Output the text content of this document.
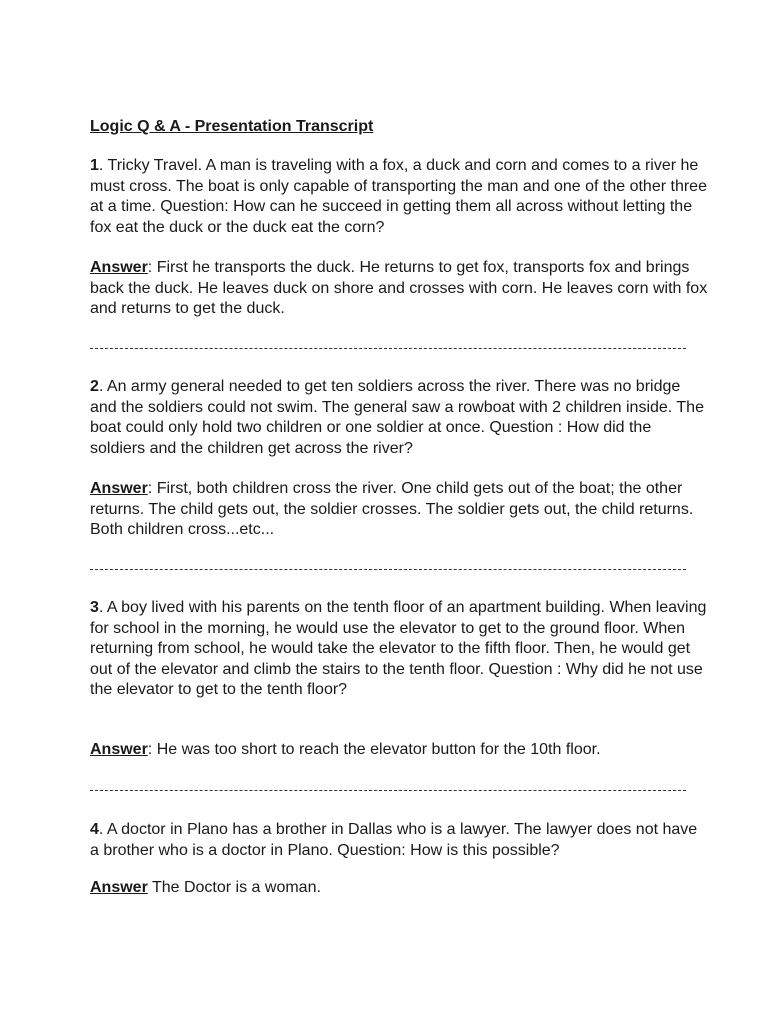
Logic Q & A - Presentation Transcript

1. Tricky Travel. A man is traveling with a fox, a duck and corn and comes to a river he must cross. The boat is only capable of transporting the man and one of the other three at a time. Question: How can he succeed in getting them all across without letting the fox eat the duck or the duck eat the corn?

Answer: First he transports the duck. He returns to get fox, transports fox and brings back the duck. He leaves duck on shore and crosses with corn. He leaves corn with fox and returns to get the duck.

2. An army general needed to get ten soldiers across the river. There was no bridge and the soldiers could not swim. The general saw a rowboat with 2 children inside. The boat could only hold two children or one soldier at once. Question : How did the soldiers and the children get across the river?

Answer: First, both children cross the river. One child gets out of the boat; the other returns. The child gets out, the soldier crosses. The soldier gets out, the child returns. Both children cross...etc...

3. A boy lived with his parents on the tenth floor of an apartment building. When leaving for school in the morning, he would use the elevator to get to the ground floor. When returning from school, he would take the elevator to the fifth floor. Then, he would get out of the elevator and climb the stairs to the tenth floor. Question : Why did he not use the elevator to get to the tenth floor?

Answer: He was too short to reach the elevator button for the 10th floor.

4. A doctor in Plano has a brother in Dallas who is a lawyer. The lawyer does not have a brother who is a doctor in Plano. Question: How is this possible?

Answer The Doctor is a woman.
